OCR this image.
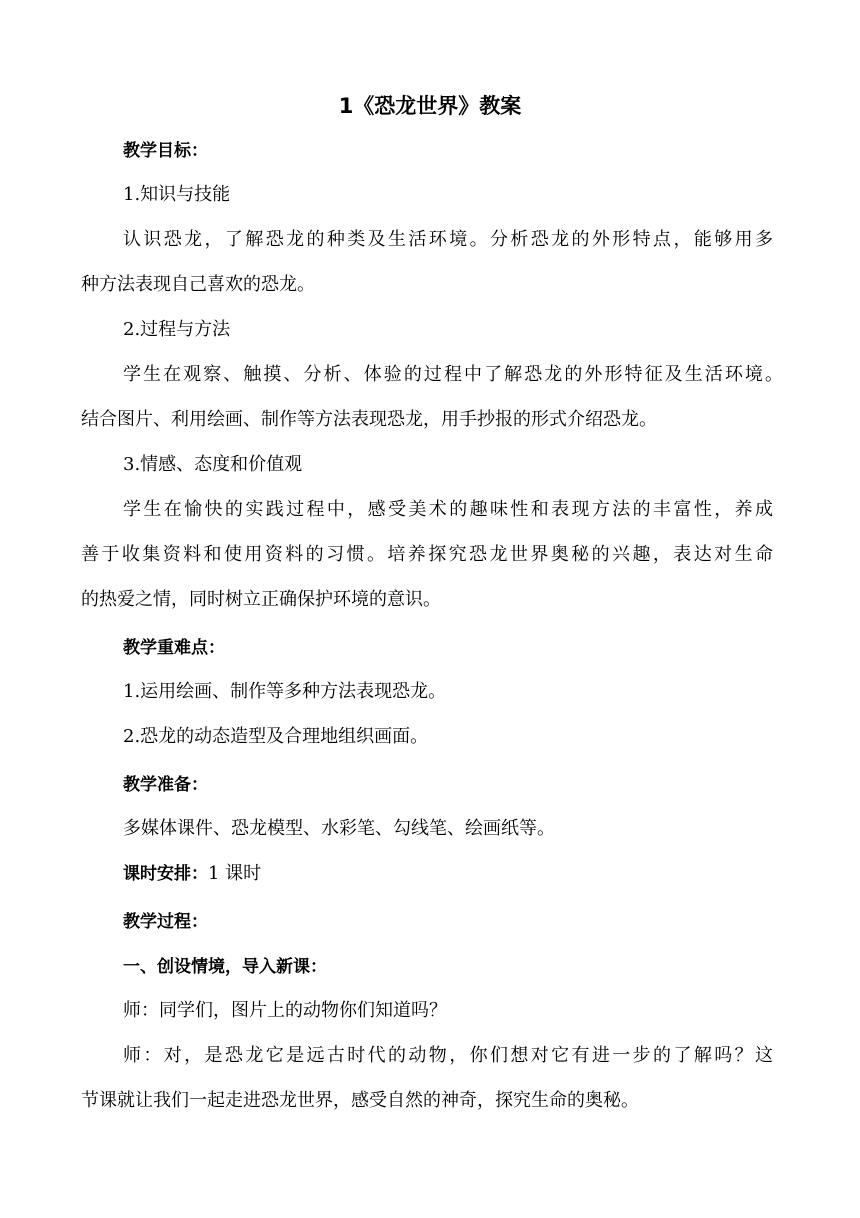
1《恐龙世界》教案

教学目标：

1.知识与技能

认识恐龙，了解恐龙的种类及生活环境。分析恐龙的外形特点，能够用多

种方法表现自己喜欢的恐龙。

2.过程与方法

学生在观察、触摸、分析、体验的过程中了解恐龙的外形特征及生活环境。

结合图片、利用绘画、制作等方法表现恐龙，用手抄报的形式介绍恐龙。

3.情感、态度和价值观

学生在愉快的实践过程中，感受美术的趣味性和表现方法的丰富性，养成

善于收集资料和使用资料的习惯。培养探究恐龙世界奥秘的兴趣，表达对生命

的热爱之情，同时树立正确保护环境的意识。

教学重难点：

1.运用绘画、制作等多种方法表现恐龙。

2.恐龙的动态造型及合理地组织画面。

教学准备：

多媒体课件、恐龙模型、水彩笔、勾线笔、绘画纸等。

课时安排：1 课时

教学过程：

一、创设情境，导入新课：

师：同学们，图片上的动物你们知道吗？

师：对，是恐龙它是远古时代的动物，你们想对它有进一步的了解吗？这

节课就让我们一起走进恐龙世界，感受自然的神奇，探究生命的奥秘。
